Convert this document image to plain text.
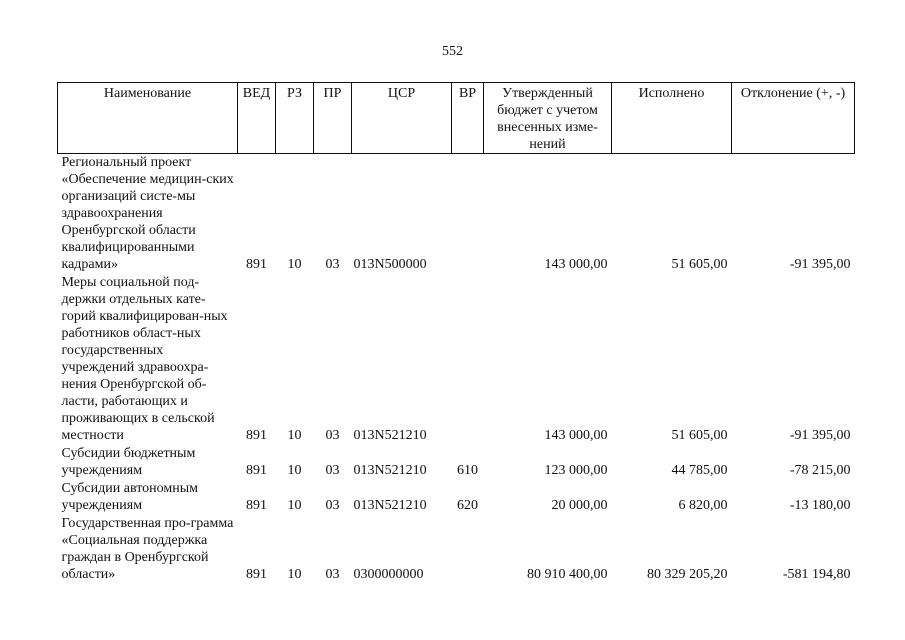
552
Наименование	ВЕД	РЗ	ПР	ЦСР	ВР	Утвержденный бюджет с учетом внесенных изме-нений	Исполнено	Отклонение (+, -)
Региональный проект «Обеспечение медицин-ских организаций систе-мы здравоохранения Оренбургской области квалифицированными кадрами»	891	10	03	013N500000		143 000,00	51 605,00	-91 395,00
Меры социальной под-держки отдельных катe-горий квалифицирован-ных работников област-ных государственных учреждений здравоохра-нения Оренбургской об-ласти, работающих и проживающих в сельской местности	891	10	03	013N521210		143 000,00	51 605,00	-91 395,00
Субсидии бюджетным учреждениям	891	10	03	013N521210	610	123 000,00	44 785,00	-78 215,00
Субсидии автономным учреждениям	891	10	03	013N521210	620	20 000,00	6 820,00	-13 180,00
Государственная про-грамма «Социальная поддержка граждан в Оренбургской области»	891	10	03	0300000000		80 910 400,00	80 329 205,20	-581 194,80
